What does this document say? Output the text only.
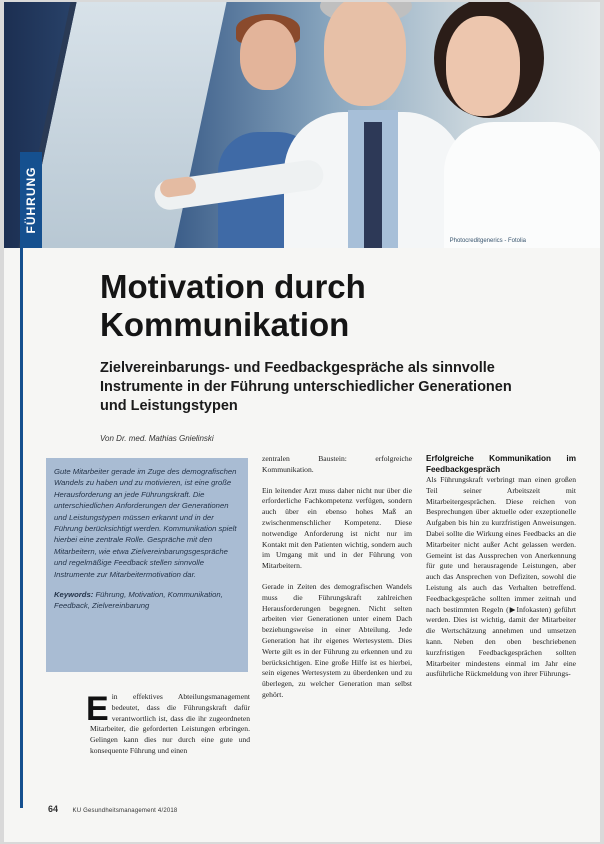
Photocreditgenerics - Fotolia
FÜHRUNG
Motivation durch Kommunikation
Zielvereinbarungs- und Feedbackgespräche als sinnvolle Instrumente in der Führung unterschiedlicher Generationen und Leistungstypen
Von Dr. med. Mathias Gnielinski

Gute Mitarbeiter gerade im Zuge des demografischen Wandels zu haben und zu motivieren, ist eine große Herausforderung an jede Führungskraft. Die unterschiedlichen Anforderungen der Generationen und Leistungstypen müssen erkannt und in der Führung berücksichtigt werden. Kommunikation spielt hierbei eine zentrale Rolle. Gespräche mit den Mitarbeitern, wie etwa Zielvereinbarungsgespräche und regelmäßige Feedback stellen sinnvolle Instrumente zur Mitarbeitermotivation dar.

Keywords: Führung, Motivation, Kommunikation, Feedback, Zielvereinbarung

E in effektives Abteilungsmanagement bedeutet, dass die Führungskraft dafür verantwortlich ist, dass die ihr zugeordneten Mitarbeiter, die geforderten Leistungen erbringen. Gelingen kann dies nur durch eine gute und konsequente Führung und einen

zentralen Baustein: erfolgreiche Kommunikation.

Ein leitender Arzt muss daher nicht nur über die erforderliche Fachkompetenz verfügen, sondern auch über ein ebenso hohes Maß an zwischenmenschlicher Kompetenz. Diese notwendige Anforderung ist nicht nur im Kontakt mit den Patienten wichtig, sondern auch im Umgang mit und in der Führung von Mitarbeitern.

Gerade in Zeiten des demografischen Wandels muss die Führungskraft zahlreichen Herausforderungen begegnen. Nicht selten arbeiten vier Generationen unter einem Dach beziehungsweise in einer Abteilung. Jede Generation hat ihr eigenes Wertesystem. Dies Werte gilt es in der Führung zu erkennen und zu berücksichtigen. Eine große Hilfe ist es hierbei, sein eigenes Wertesystem zu überdenken und zu überlegen, zu welcher Generation man selbst gehört.

Erfolgreiche Kommunikation im Feedbackgespräch
Als Führungskraft verbringt man einen großen Teil seiner Arbeitszeit mit Mitarbeitergesprächen. Diese reichen von Besprechungen über aktuelle oder exzeptionelle Aufgaben bis hin zu kurzfristigen Anweisungen. Dabei sollte die Wirkung eines Feedbacks an die Mitarbeiter nicht außer Acht gelassen werden. Gemeint ist das Aussprechen von Anerkennung für gute und herausragende Leistungen, aber auch das Ansprechen von Defiziten, sowohl die Leistung als auch das Verhalten betreffend. Feedbackgespräche sollten immer zeitnah und nach bestimmten Regeln (▶Infokasten) geführt werden. Dies ist wichtig, damit der Mitarbeiter die Wertschätzung annehmen und umsetzen kann. Neben den oben beschriebenen kurzfristigen Feedbackgesprächen sollten Mitarbeiter mindestens einmal im Jahr eine ausführliche Rückmeldung von ihrer Führungs-
64 KU Gesundheitsmanagement 4/2018
